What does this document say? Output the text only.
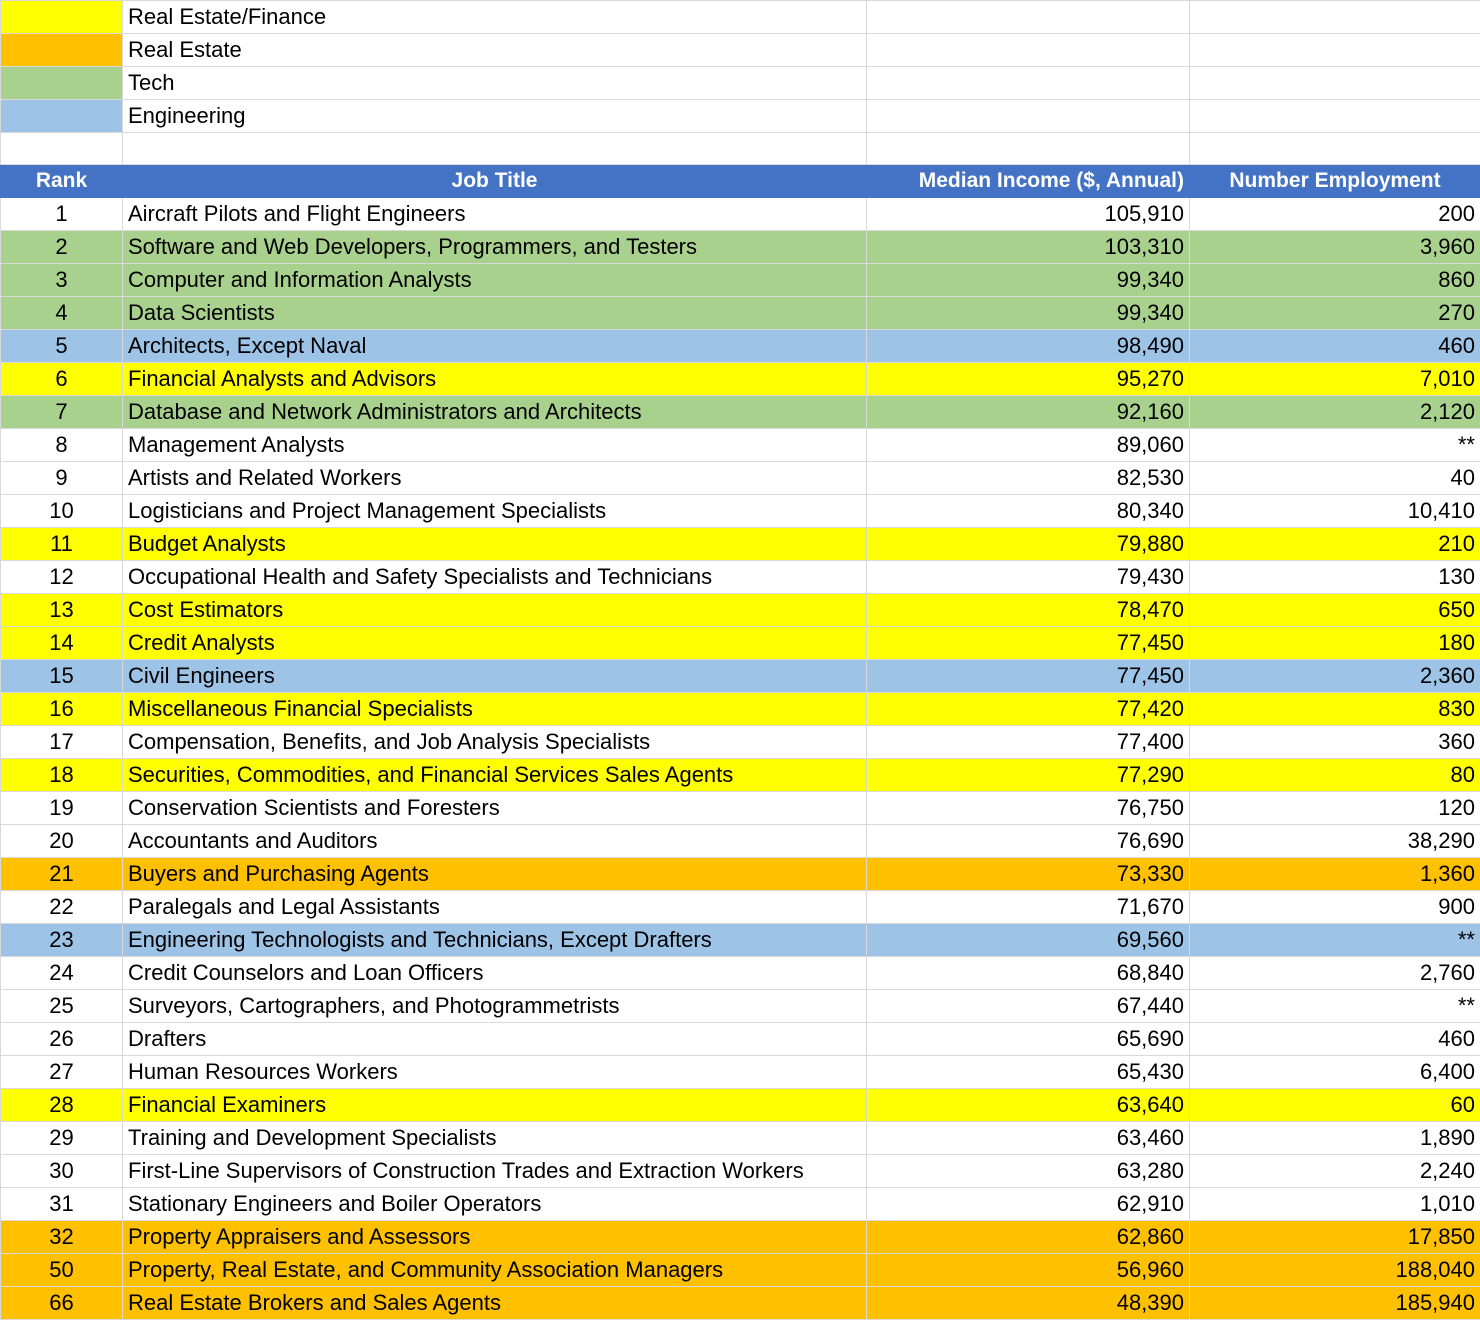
	Real Estate/Finance		
	Real Estate		
	Tech		
	Engineering		

Rank	Job Title	Median Income ($, Annual)	Number Employment
1	Aircraft Pilots and Flight Engineers	105,910	200
2	Software and Web Developers, Programmers, and Testers	103,310	3,960
3	Computer and Information Analysts	99,340	860
4	Data Scientists	99,340	270
5	Architects, Except Naval	98,490	460
6	Financial Analysts and Advisors	95,270	7,010
7	Database and Network Administrators and Architects	92,160	2,120
8	Management Analysts	89,060	**
9	Artists and Related Workers	82,530	40
10	Logisticians and Project Management Specialists	80,340	10,410
11	Budget Analysts	79,880	210
12	Occupational Health and Safety Specialists and Technicians	79,430	130
13	Cost Estimators	78,470	650
14	Credit Analysts	77,450	180
15	Civil Engineers	77,450	2,360
16	Miscellaneous Financial Specialists	77,420	830
17	Compensation, Benefits, and Job Analysis Specialists	77,400	360
18	Securities, Commodities, and Financial Services Sales Agents	77,290	80
19	Conservation Scientists and Foresters	76,750	120
20	Accountants and Auditors	76,690	38,290
21	Buyers and Purchasing Agents	73,330	1,360
22	Paralegals and Legal Assistants	71,670	900
23	Engineering Technologists and Technicians, Except Drafters	69,560	**
24	Credit Counselors and Loan Officers	68,840	2,760
25	Surveyors, Cartographers, and Photogrammetrists	67,440	**
26	Drafters	65,690	460
27	Human Resources Workers	65,430	6,400
28	Financial Examiners	63,640	60
29	Training and Development Specialists	63,460	1,890
30	First-Line Supervisors of Construction Trades and Extraction Workers	63,280	2,240
31	Stationary Engineers and Boiler Operators	62,910	1,010
32	Property Appraisers and Assessors	62,860	17,850
50	Property, Real Estate, and Community Association Managers	56,960	188,040
66	Real Estate Brokers and Sales Agents	48,390	185,940
